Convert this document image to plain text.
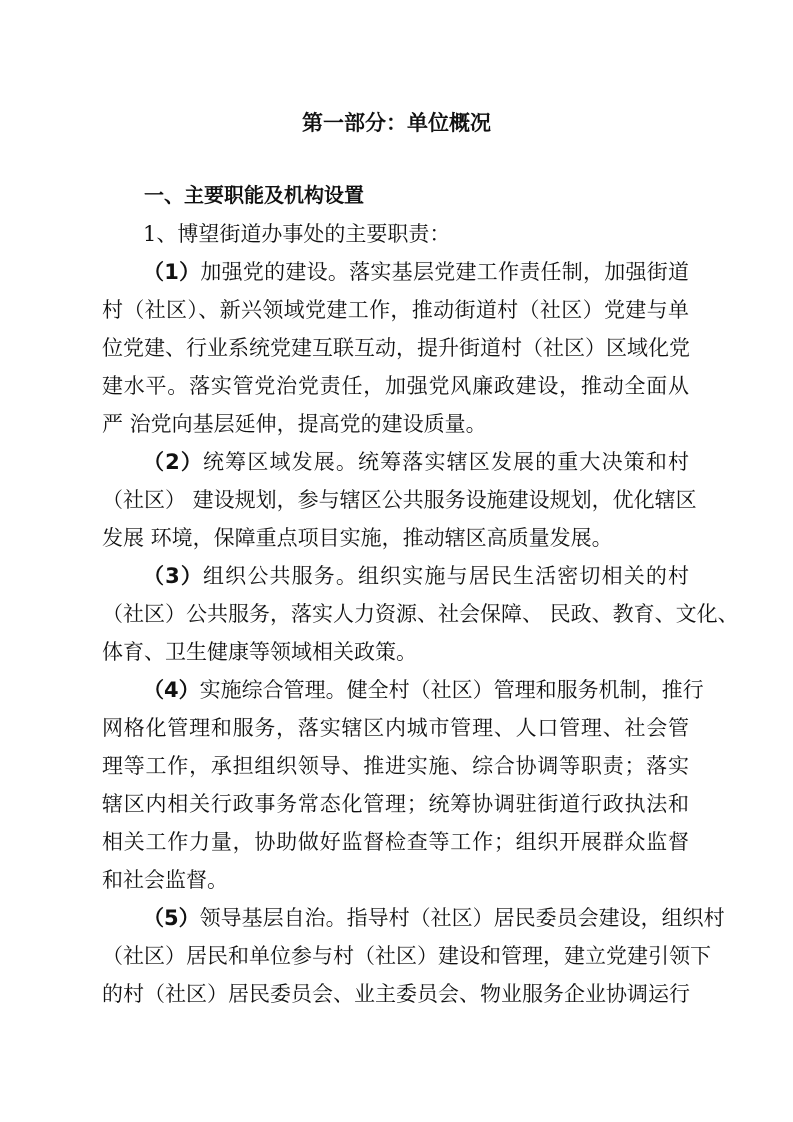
第一部分：单位概况
一、主要职能及机构设置
1、博望街道办事处的主要职责：
（1）加强党的建设。落实基层党建工作责任制，加强街道
村（社区）、新兴领域党建工作，推动街道村（社区）党建与单
位党建、行业系统党建互联互动，提升街道村（社区）区域化党
建水平。落实管党治党责任，加强党风廉政建设，推动全面从
严 治党向基层延伸，提高党的建设质量。
（2）统筹区域发展。统筹落实辖区发展的重大决策和村
（社区） 建设规划，参与辖区公共服务设施建设规划，优化辖区
发展 环境，保障重点项目实施，推动辖区高质量发展。
（3）组织公共服务。组织实施与居民生活密切相关的村
（社区）公共服务，落实人力资源、社会保障、 民政、教育、文化、
体育、卫生健康等领域相关政策。
（4）实施综合管理。健全村（社区）管理和服务机制，推行
网格化管理和服务，落实辖区内城市管理、人口管理、社会管
理等工作，承担组织领导、推进实施、综合协调等职责；落实
辖区内相关行政事务常态化管理；统筹协调驻街道行政执法和
相关工作力量，协助做好监督检查等工作；组织开展群众监督
和社会监督。
（5）领导基层自治。指导村（社区）居民委员会建设，组织村
（社区）居民和单位参与村（社区）建设和管理，建立党建引领下
的村（社区）居民委员会、业主委员会、物业服务企业协调运行
